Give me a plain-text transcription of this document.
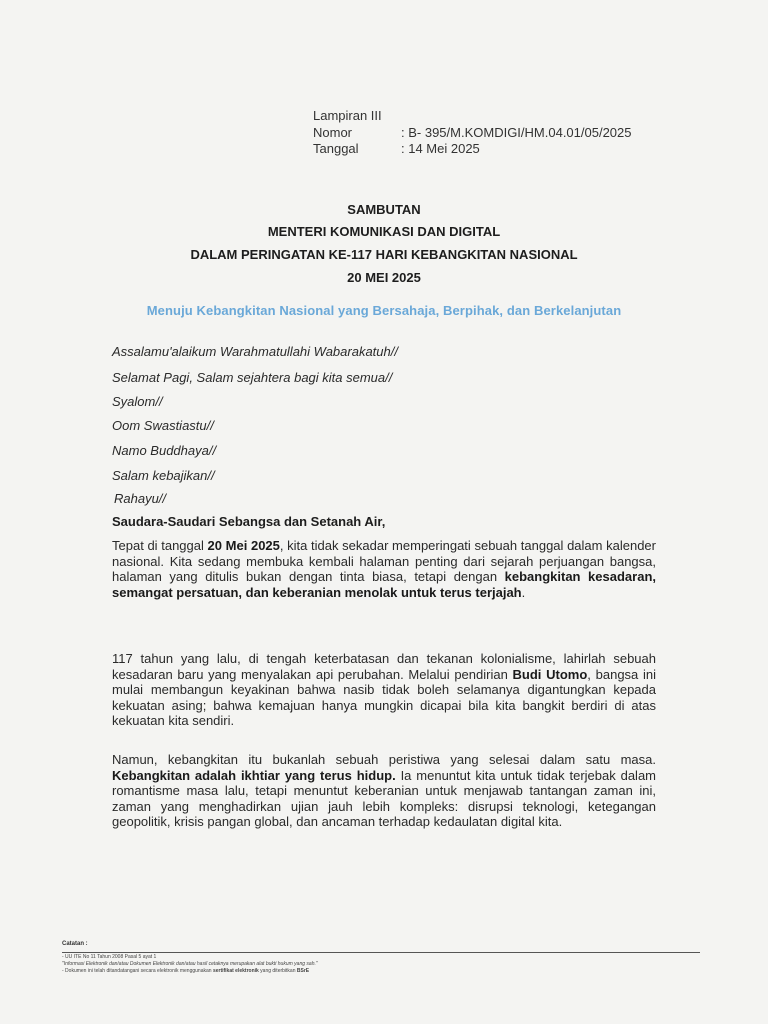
Lampiran III
Nomor	: B- 395/M.KOMDIGI/HM.04.01/05/2025
Tanggal	: 14 Mei 2025
SAMBUTAN
MENTERI KOMUNIKASI DAN DIGITAL
DALAM PERINGATAN KE-117 HARI KEBANGKITAN NASIONAL
20 MEI 2025
Menuju Kebangkitan Nasional yang Bersahaja, Berpihak, dan Berkelanjutan
Assalamu'alaikum Warahmatullahi Wabarakatuh//
Selamat Pagi, Salam sejahtera bagi kita semua//
Syalom//
Oom Swastiastu//
Namo Buddhaya//
Salam kebajikan//
Rahayu//
Saudara-Saudari Sebangsa dan Setanah Air,
Tepat di tanggal 20 Mei 2025, kita tidak sekadar memperingati sebuah tanggal dalam kalender nasional. Kita sedang membuka kembali halaman penting dari sejarah perjuangan bangsa, halaman yang ditulis bukan dengan tinta biasa, tetapi dengan kebangkitan kesadaran, semangat persatuan, dan keberanian menolak untuk terus terjajah.
117 tahun yang lalu, di tengah keterbatasan dan tekanan kolonialisme, lahirlah sebuah kesadaran baru yang menyalakan api perubahan. Melalui pendirian Budi Utomo, bangsa ini mulai membangun keyakinan bahwa nasib tidak boleh selamanya digantungkan kepada kekuatan asing; bahwa kemajuan hanya mungkin dicapai bila kita bangkit berdiri di atas kekuatan kita sendiri.
Namun, kebangkitan itu bukanlah sebuah peristiwa yang selesai dalam satu masa. Kebangkitan adalah ikhtiar yang terus hidup. Ia menuntut kita untuk tidak terjebak dalam romantisme masa lalu, tetapi menuntut keberanian untuk menjawab tantangan zaman ini, zaman yang menghadirkan ujian jauh lebih kompleks: disrupsi teknologi, ketegangan geopolitik, krisis pangan global, dan ancaman terhadap kedaulatan digital kita.
Catatan :
- UU ITE No 11 Tahun 2008 Pasal 5 ayat 1
"Informasi Elektronik dan/atau Dokumen Elektronik dan/atau hasil cetaknya merupakan alat bukti hukum yang sah."
- Dokumen ini telah ditandatangani secara elektronik menggunakan sertifikat elektronik yang diterbitkan BSrE
